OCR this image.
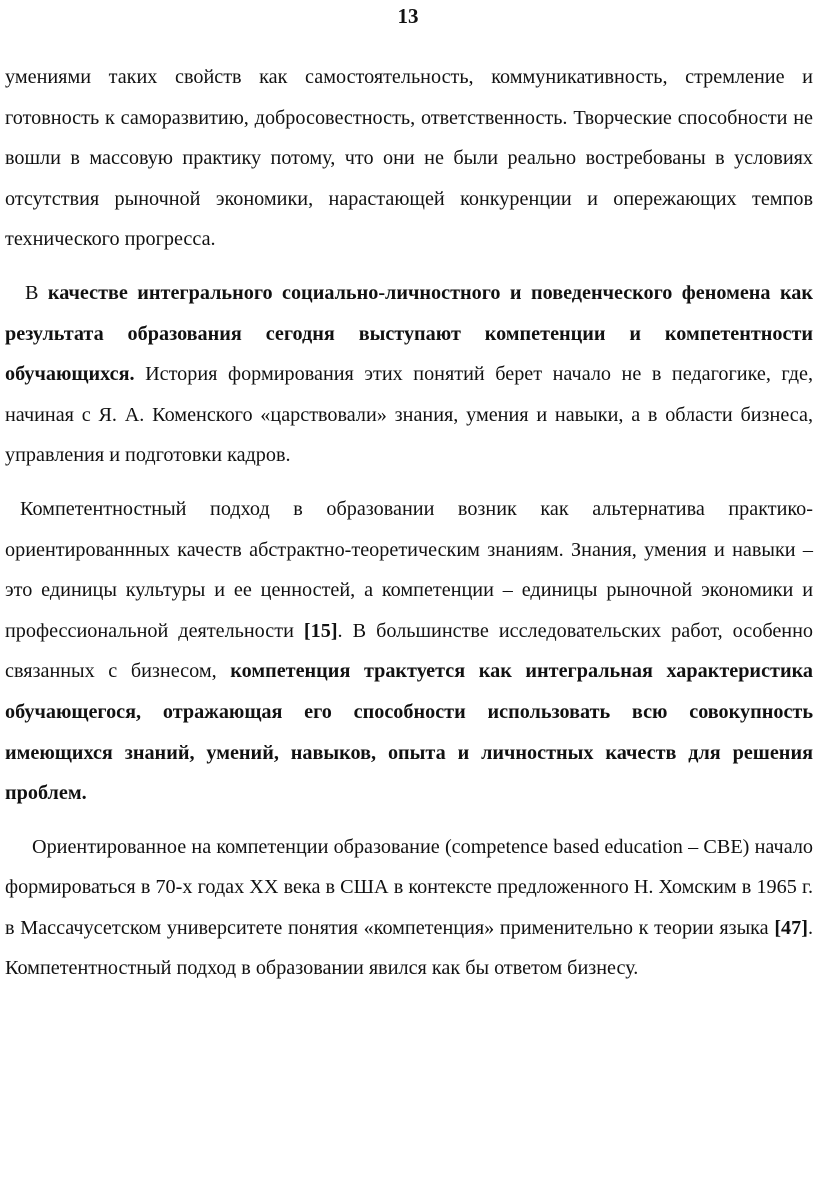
13

умениями таких свойств как самостоятельность, коммуникативность, стремление и готовность к саморазвитию, добросовестность, ответственность. Творческие способности не вошли в массовую практику потому, что они не были реально востребованы в условиях отсутствия рыночной экономики, нарастающей конкуренции и опережающих темпов технического прогресса.

В качестве интегрального социально-личностного и поведенческого феномена как результата образования сегодня выступают компетенции и компетентности обучающихся. История формирования этих понятий берет начало не в педагогике, где, начиная с Я. А. Коменского «царствовали» знания, умения и навыки, а в области бизнеса, управления и подготовки кадров.

Компетентностный подход в образовании возник как альтернатива практико-ориентированнных качеств абстрактно-теоретическим знаниям. Знания, умения и навыки – это единицы культуры и ее ценностей, а компетенции – единицы рыночной экономики и профессиональной деятельности [15]. В большинстве исследовательских работ, особенно связанных с бизнесом, компетенция трактуется как интегральная характеристика обучающегося, отражающая его способности использовать всю совокупность имеющихся знаний, умений, навыков, опыта и личностных качеств для решения проблем.

Ориентированное на компетенции образование (competence based education – CBE) начало формироваться в 70-х годах XX века в США в контексте предложенного Н. Хомским в 1965 г. в Массачусетском университете понятия «компетенция» применительно к теории языка [47]. Компетентностный подход в образовании явился как бы ответом бизнесу.
